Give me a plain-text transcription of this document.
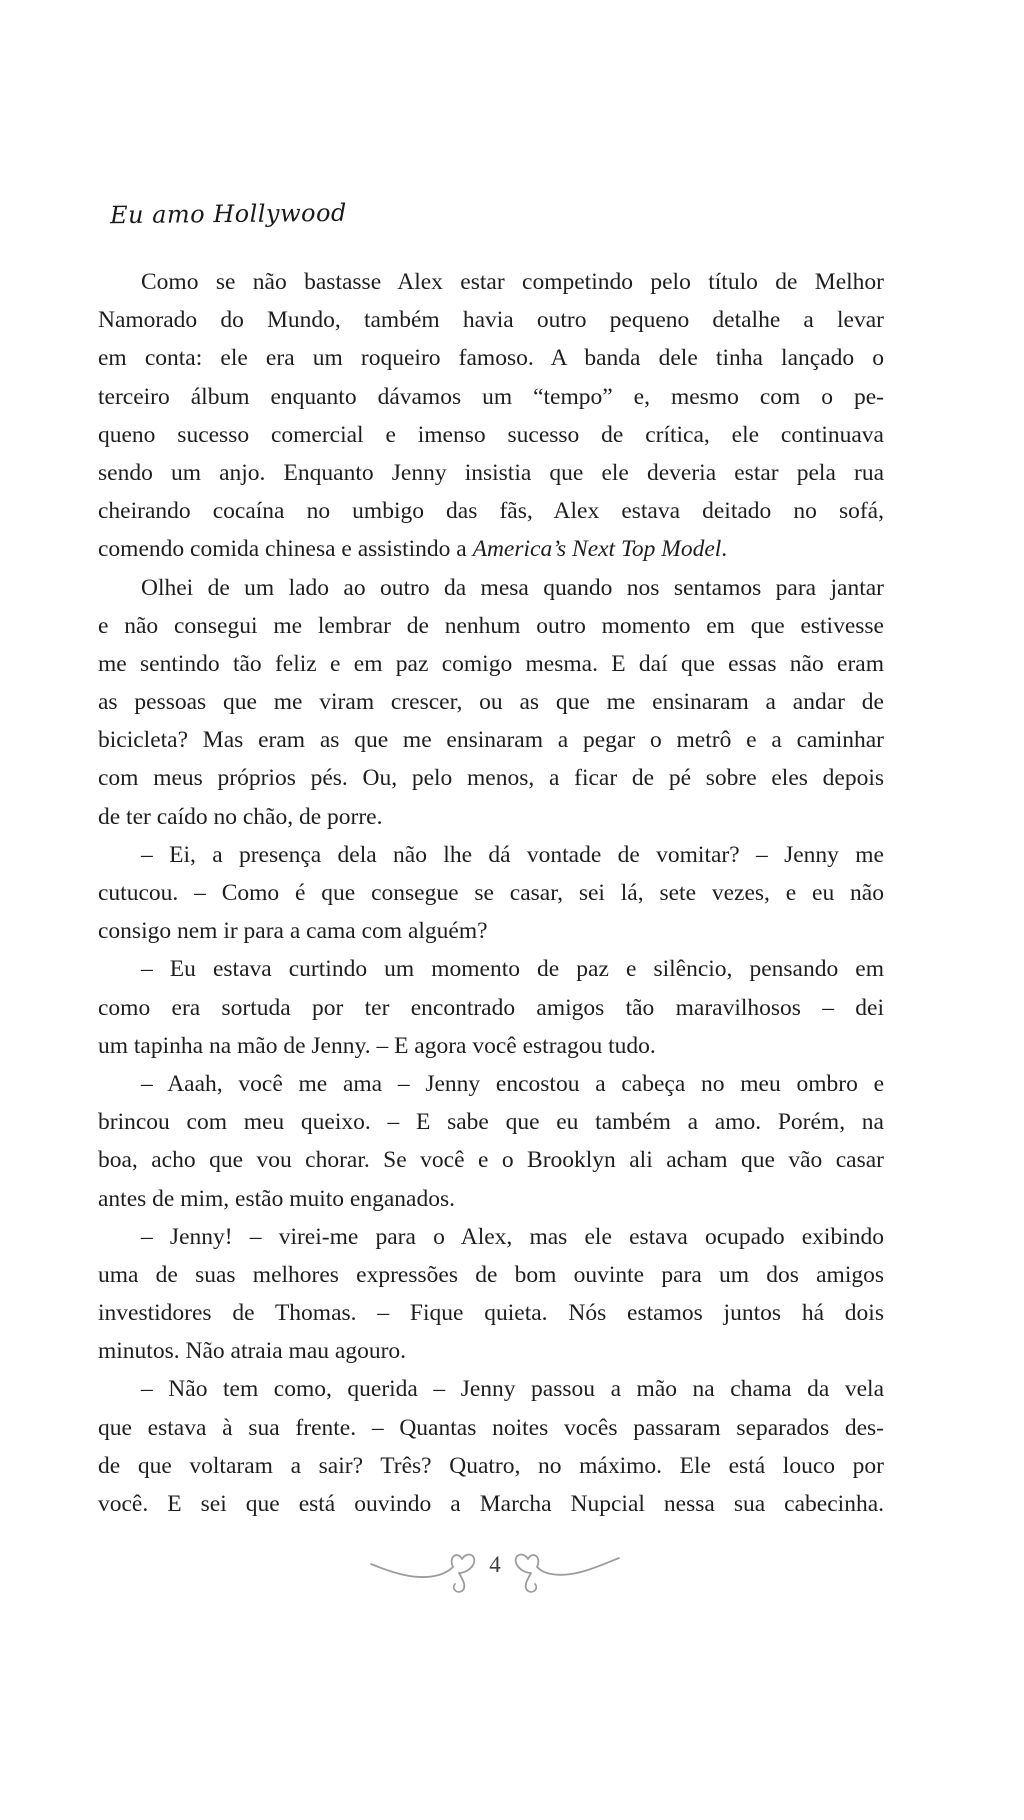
Eu amo Hollywood
Como se não bastasse Alex estar competindo pelo título de Melhor
Namorado do Mundo, também havia outro pequeno detalhe a levar
em conta: ele era um roqueiro famoso. A banda dele tinha lançado o
terceiro álbum enquanto dávamos um “tempo” e, mesmo com o pe-
queno sucesso comercial e imenso sucesso de crítica, ele continuava
sendo um anjo. Enquanto Jenny insistia que ele deveria estar pela rua
cheirando cocaína no umbigo das fãs, Alex estava deitado no sofá,
comendo comida chinesa e assistindo a America’s Next Top Model.
Olhei de um lado ao outro da mesa quando nos sentamos para jantar
e não consegui me lembrar de nenhum outro momento em que estivesse
me sentindo tão feliz e em paz comigo mesma. E daí que essas não eram
as pessoas que me viram crescer, ou as que me ensinaram a andar de
bicicleta? Mas eram as que me ensinaram a pegar o metrô e a caminhar
com meus próprios pés. Ou, pelo menos, a ficar de pé sobre eles depois
de ter caído no chão, de porre.
– Ei, a presença dela não lhe dá vontade de vomitar? – Jenny me
cutucou. – Como é que consegue se casar, sei lá, sete vezes, e eu não
consigo nem ir para a cama com alguém?
– Eu estava curtindo um momento de paz e silêncio, pensando em
como era sortuda por ter encontrado amigos tão maravilhosos – dei
um tapinha na mão de Jenny. – E agora você estragou tudo.
– Aaah, você me ama – Jenny encostou a cabeça no meu ombro e
brincou com meu queixo. – E sabe que eu também a amo. Porém, na
boa, acho que vou chorar. Se você e o Brooklyn ali acham que vão casar
antes de mim, estão muito enganados.
– Jenny! – virei-me para o Alex, mas ele estava ocupado exibindo
uma de suas melhores expressões de bom ouvinte para um dos amigos
investidores de Thomas. – Fique quieta. Nós estamos juntos há dois
minutos. Não atraia mau agouro.
– Não tem como, querida – Jenny passou a mão na chama da vela
que estava à sua frente. – Quantas noites vocês passaram separados des-
de que voltaram a sair? Três? Quatro, no máximo. Ele está louco por
você. E sei que está ouvindo a Marcha Nupcial nessa sua cabecinha.
4
